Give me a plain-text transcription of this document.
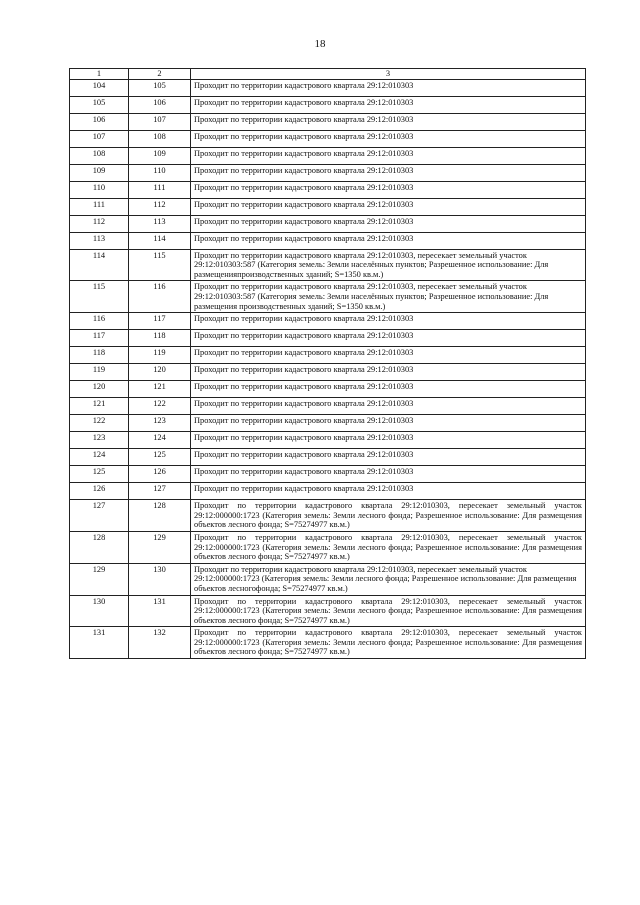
18
1	2	3
104	105	Проходит по территории кадастрового квартала 29:12:010303
105	106	Проходит по территории кадастрового квартала 29:12:010303
106	107	Проходит по территории кадастрового квартала 29:12:010303
107	108	Проходит по территории кадастрового квартала 29:12:010303
108	109	Проходит по территории кадастрового квартала 29:12:010303
109	110	Проходит по территории кадастрового квартала 29:12:010303
110	111	Проходит по территории кадастрового квартала 29:12:010303
111	112	Проходит по территории кадастрового квартала 29:12:010303
112	113	Проходит по территории кадастрового квартала 29:12:010303
113	114	Проходит по территории кадастрового квартала 29:12:010303
114	115	Проходит по территории кадастрового квартала 29:12:010303, пересекает земельный участок 29:12:010303:587 (Категория земель: Земли населённых пунктов; Разрешенное использование: Для размещенияпроизводственных зданий; S=1350 кв.м.)
115	116	Проходит по территории кадастрового квартала 29:12:010303, пересекает земельный участок 29:12:010303:587 (Категория земель: Земли населённых пунктов; Разрешенное использование: Для размещения производственных зданий; S=1350 кв.м.)
116	117	Проходит по территории кадастрового квартала 29:12:010303
117	118	Проходит по территории кадастрового квартала 29:12:010303
118	119	Проходит по территории кадастрового квартала 29:12:010303
119	120	Проходит по территории кадастрового квартала 29:12:010303
120	121	Проходит по территории кадастрового квартала 29:12:010303
121	122	Проходит по территории кадастрового квартала 29:12:010303
122	123	Проходит по территории кадастрового квартала 29:12:010303
123	124	Проходит по территории кадастрового квартала 29:12:010303
124	125	Проходит по территории кадастрового квартала 29:12:010303
125	126	Проходит по территории кадастрового квартала 29:12:010303
126	127	Проходит по территории кадастрового квартала 29:12:010303
127	128	Проходит по территории кадастрового квартала 29:12:010303, пересекает земельный участок 29:12:000000:1723 (Категория земель: Земли лесного фонда; Разрешенное использование: Для размещения объектов лесного фонда; S=75274977 кв.м.)
128	129	Проходит по территории кадастрового квартала 29:12:010303, пересекает земельный участок 29:12:000000:1723 (Категория земель: Земли лесного фонда; Разрешенное использование: Для размещения объектов лесного фонда; S=75274977 кв.м.)
129	130	Проходит по территории кадастрового квартала 29:12:010303, пересекает земельный участок 29:12:000000:1723 (Категория земель: Земли лесного фонда; Разрешенное использование: Для размещения объектов лесногофонда; S=75274977 кв.м.)
130	131	Проходит по территории кадастрового квартала 29:12:010303, пересекает земельный участок 29:12:000000:1723 (Категория земель: Земли лесного фонда; Разрешенное использование: Для размещения объектов лесного фонда; S=75274977 кв.м.)
131	132	Проходит по территории кадастрового квартала 29:12:010303, пересекает земельный участок 29:12:000000:1723 (Категория земель: Земли лесного фонда; Разрешенное использование: Для размещения объектов лесного фонда; S=75274977 кв.м.)
